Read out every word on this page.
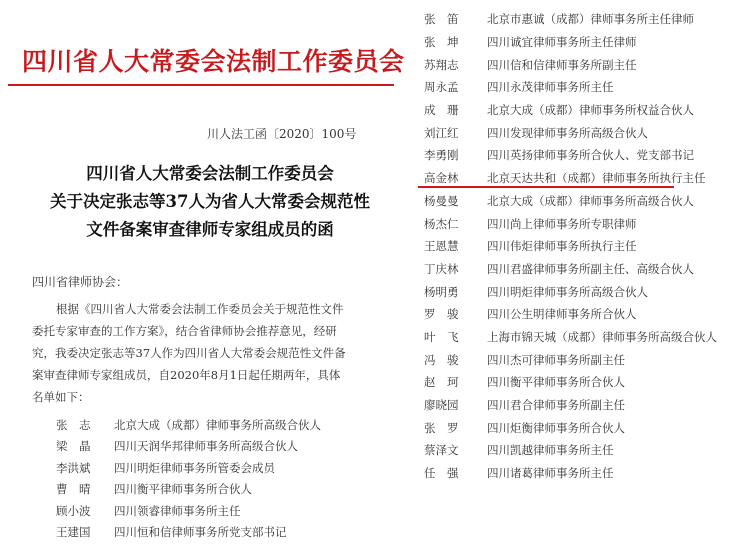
四川省人大常委会法制工作委员会
川人法工函〔2020〕100号
四川省人大常委会法制工作委员会
关于决定张志等37人为省人大常委会规范性
文件备案审查律师专家组成员的函
四川省律师协会：
根据《四川省人大常委会法制工作委员会关于规范性文件
委托专家审查的工作方案》，结合省律师协会推荐意见，经研
究，我委决定张志等37人作为四川省人大常委会规范性文件备
案审查律师专家组成员，自2020年8月1日起任期两年，具体
名单如下：
张　志	北京大成（成都）律师事务所高级合伙人
梁　晶	四川天润华邦律师事务所高级合伙人
李洪斌	四川明炬律师事务所管委会成员
曹　晴	四川衡平律师事务所合伙人
顾小波	四川领睿律师事务所主任
王建国	四川恒和信律师事务所党支部书记
张　笛	北京市惠诚（成都）律师事务所主任律师
张　坤	四川诚宜律师事务所主任律师
苏翔志	四川信和信律师事务所副主任
周永孟	四川永茂律师事务所主任
成　珊	北京大成（成都）律师事务所权益合伙人
刘江红	四川发现律师事务所高级合伙人
李勇刚	四川英扬律师事务所合伙人、党支部书记
高金林	北京天达共和（成都）律师事务所执行主任
杨曼曼	北京大成（成都）律师事务所高级合伙人
杨杰仁	四川尚上律师事务所专职律师
王恩慧	四川伟炬律师事务所执行主任
丁庆林	四川君盛律师事务所副主任、高级合伙人
杨明勇	四川明炬律师事务所高级合伙人
罗　骏	四川公生明律师事务所合伙人
叶　飞	上海市锦天城（成都）律师事务所高级合伙人
冯　骏	四川杰可律师事务所副主任
赵　珂	四川衡平律师事务所合伙人
廖晓园	四川君合律师事务所副主任
张　罗	四川炬衡律师事务所合伙人
蔡泽文	四川凯越律师事务所主任
任　强	四川诸葛律师事务所主任
